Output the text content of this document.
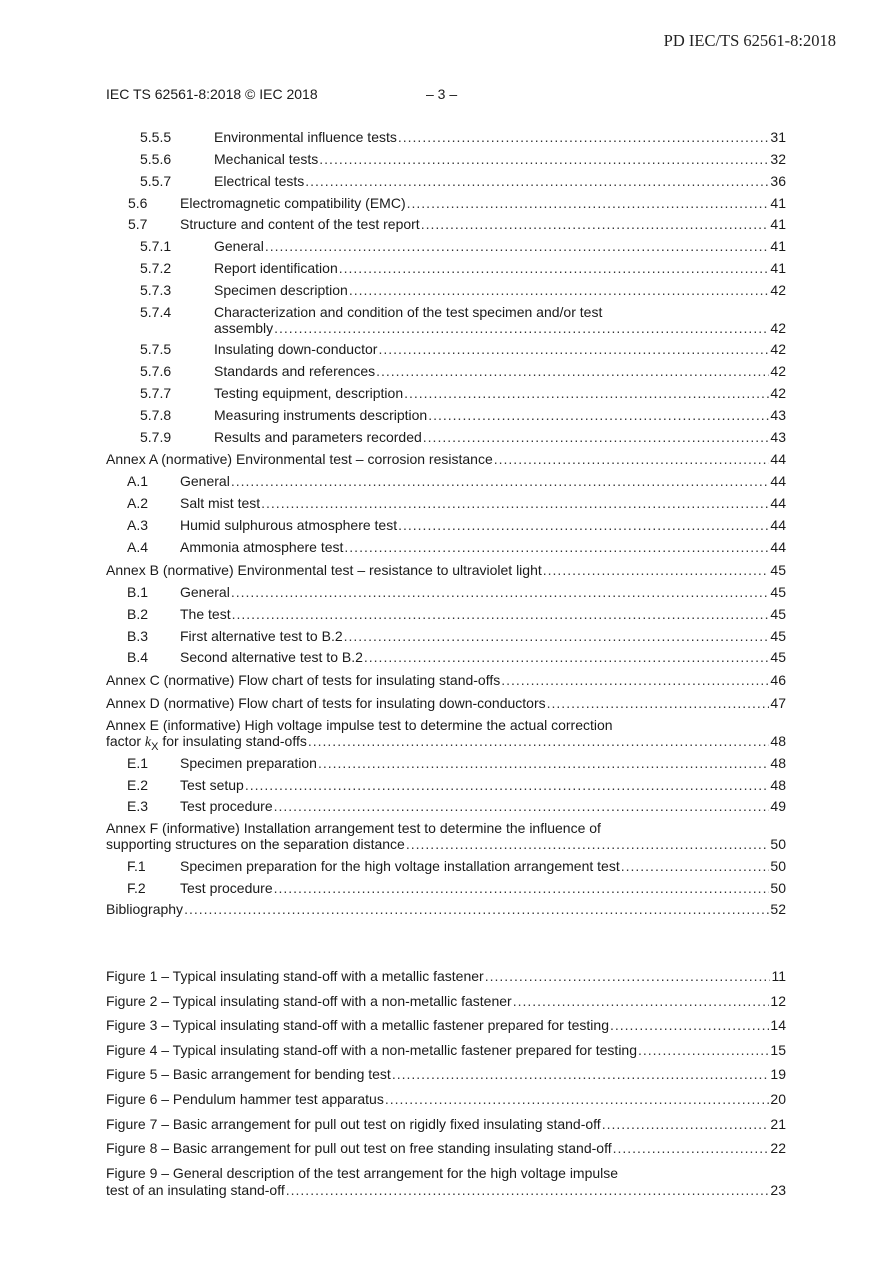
PD IEC/TS 62561-8:2018
IEC TS 62561-8:2018 © IEC 2018	– 3 –
5.5.5	Environmental influence tests .....	31
5.5.6	Mechanical tests .....	32
5.5.7	Electrical tests .....	36
5.6 Electromagnetic compatibility (EMC) .....	41
5.7 Structure and content of the test report .....	41
5.7.1	General .....	41
5.7.2	Report identification .....	41
5.7.3	Specimen description .....	42
5.7.4	Characterization and condition of the test specimen and/or test
assembly .....	42
5.7.5	Insulating down-conductor .....	42
5.7.6	Standards and references .....	42
5.7.7	Testing equipment, description .....	42
5.7.8	Measuring instruments description .....	43
5.7.9	Results and parameters recorded .....	43
Annex A (normative) Environmental test – corrosion resistance .....	44
A.1 General .....	44
A.2 Salt mist test .....	44
A.3 Humid sulphurous atmosphere test .....	44
A.4 Ammonia atmosphere test .....	44
Annex B (normative) Environmental test – resistance to ultraviolet light .....	45
B.1 General .....	45
B.2 The test .....	45
B.3 First alternative test to B.2 .....	45
B.4 Second alternative test to B.2 .....	45
Annex C (normative) Flow chart of tests for insulating stand-offs .....	46
Annex D (normative) Flow chart of tests for insulating down-conductors .....	47
Annex E (informative) High voltage impulse test to determine the actual correction
factor $k_X$ for insulating stand-offs .....	48
E.1 Specimen preparation .....	48
E.2 Test setup .....	48
E.3 Test procedure .....	49
Annex F (informative) Installation arrangement test to determine the influence of
supporting structures on the separation distance .....	50
F.1 Specimen preparation for the high voltage installation arrangement test .....	50
F.2 Test procedure .....	50
Bibliography .....	52
Figure 1 – Typical insulating stand-off with a metallic fastener .....	11
Figure 2 – Typical insulating stand-off with a non-metallic fastener .....	12
Figure 3 – Typical insulating stand-off with a metallic fastener prepared for testing .....	14
Figure 4 – Typical insulating stand-off with a non-metallic fastener prepared for testing .....	15
Figure 5 – Basic arrangement for bending test .....	19
Figure 6 – Pendulum hammer test apparatus .....	20
Figure 7 – Basic arrangement for pull out test on rigidly fixed insulating stand-off .....	21
Figure 8 – Basic arrangement for pull out test on free standing insulating stand-off .....	22
Figure 9 – General description of the test arrangement for the high voltage impulse
test of an insulating stand-off .....	23
